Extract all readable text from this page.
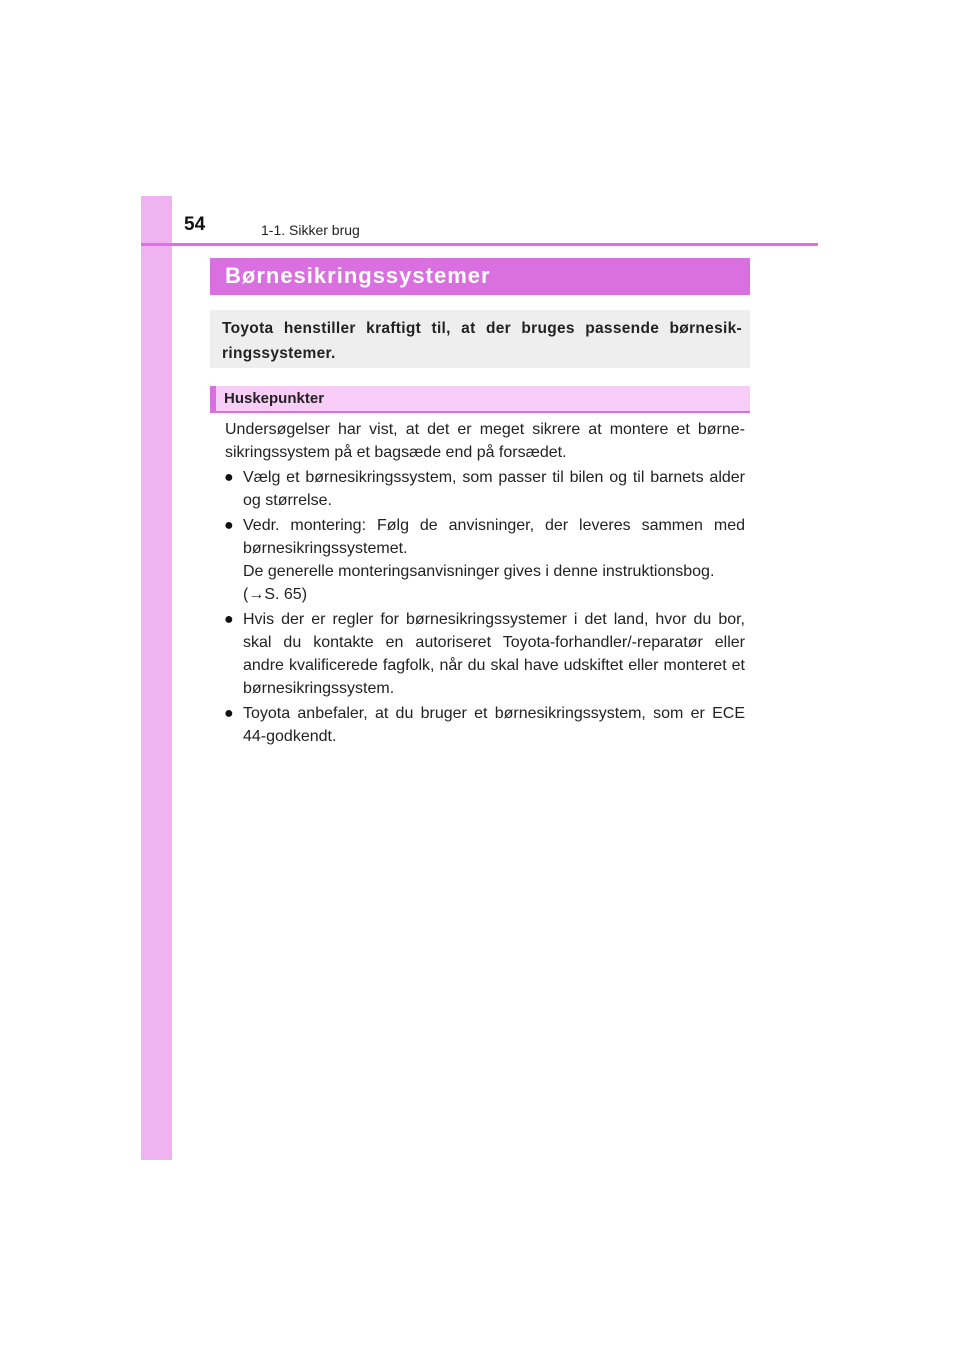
54	1-1. Sikker brug
Børnesikringssystemer
Toyota henstiller kraftigt til, at der bruges passende børnesik-ringssystemer.
Huskepunkter

Undersøgelser har vist, at det er meget sikrere at montere et børne-sikringssystem på et bagsæde end på forsædet.

● Vælg et børnesikringssystem, som passer til bilen og til barnets alder og størrelse.
● Vedr. montering: Følg de anvisninger, der leveres sammen med børnesikringssystemet.
De generelle monteringsanvisninger gives i denne instruktionsbog.
(→S. 65)
● Hvis der er regler for børnesikringssystemer i det land, hvor du bor, skal du kontakte en autoriseret Toyota-forhandler/-reparatør eller andre kvalificerede fagfolk, når du skal have udskiftet eller monteret et børnesikringssystem.
● Toyota anbefaler, at du bruger et børnesikringssystem, som er ECE 44-godkendt.
